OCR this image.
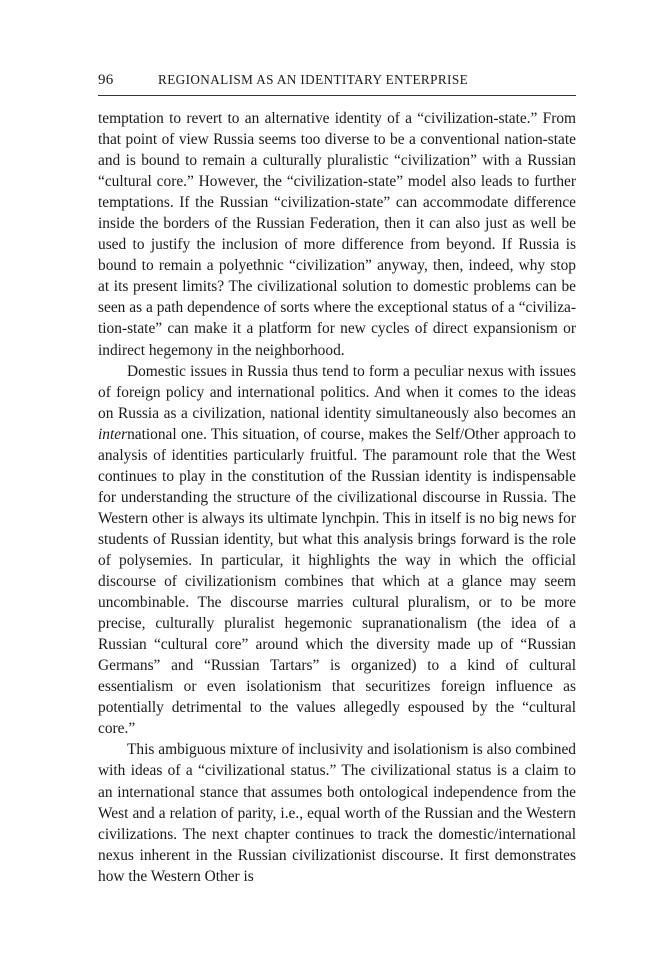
96	REGIONALISM AS AN IDENTITARY ENTERPRISE

temptation to revert to an alternative identity of a “civilization-state.” From that point of view Russia seems too diverse to be a conventional nation-state and is bound to remain a culturally pluralistic “civilization” with a Russian “cultural core.” However, the “civilization-state” model also leads to further temptations. If the Russian “civilization-state” can accommodate difference inside the borders of the Russian Federation, then it can also just as well be used to justify the inclusion of more difference from beyond. If Russia is bound to remain a polyethnic “civilization” anyway, then, indeed, why stop at its present limits? The civilizational solution to domestic problems can be seen as a path dependence of sorts where the exceptional status of a “civilization-state” can make it a platform for new cycles of direct expansionism or indirect hegemony in the neighborhood.

Domestic issues in Russia thus tend to form a peculiar nexus with issues of foreign policy and international politics. And when it comes to the ideas on Russia as a civilization, national identity simultaneously also becomes an international one. This situation, of course, makes the Self/Other approach to analysis of identities particularly fruitful. The paramount role that the West continues to play in the constitution of the Russian identity is indispensable for understanding the structure of the civilizational discourse in Russia. The Western other is always its ultimate lynchpin. This in itself is no big news for students of Russian identity, but what this analysis brings forward is the role of polysemies. In particular, it highlights the way in which the official discourse of civilizationism combines that which at a glance may seem uncombinable. The discourse marries cultural pluralism, or to be more precise, culturally pluralist hegemonic supranationalism (the idea of a Russian “cultural core” around which the diversity made up of “Russian Germans” and “Russian Tartars” is organized) to a kind of cultural essentialism or even isolationism that securitizes foreign influence as potentially detrimental to the values allegedly espoused by the “cultural core.”

This ambiguous mixture of inclusivity and isolationism is also combined with ideas of a “civilizational status.” The civilizational status is a claim to an international stance that assumes both ontological independence from the West and a relation of parity, i.e., equal worth of the Russian and the Western civilizations. The next chapter continues to track the domestic/international nexus inherent in the Russian civilizationist discourse. It first demonstrates how the Western Other is
